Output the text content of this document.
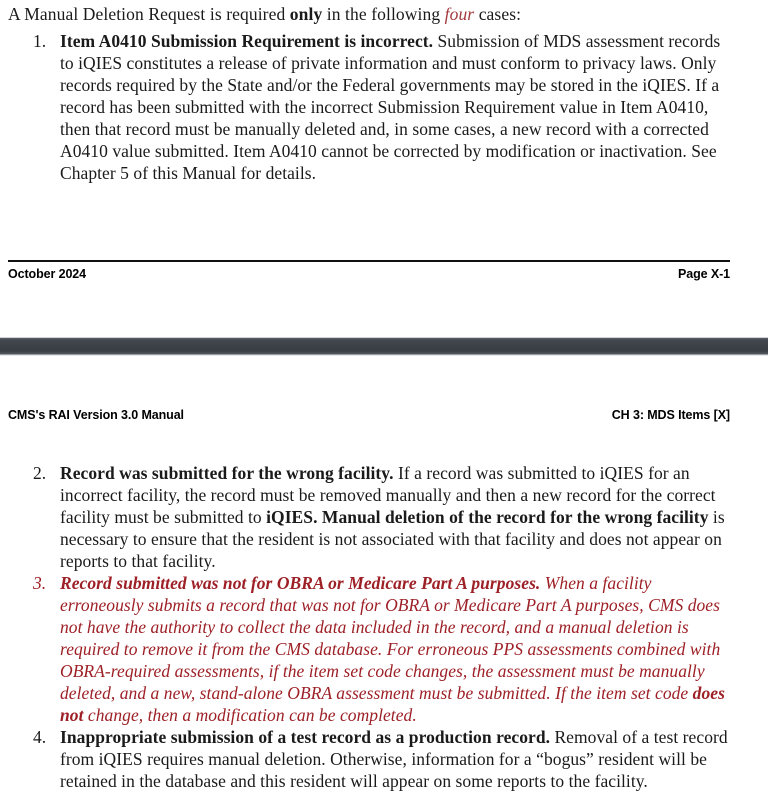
A Manual Deletion Request is required only in the following four cases:
1. Item A0410 Submission Requirement is incorrect. Submission of MDS assessment records to iQIES constitutes a release of private information and must conform to privacy laws. Only records required by the State and/or the Federal governments may be stored in the iQIES. If a record has been submitted with the incorrect Submission Requirement value in Item A0410, then that record must be manually deleted and, in some cases, a new record with a corrected A0410 value submitted. Item A0410 cannot be corrected by modification or inactivation. See Chapter 5 of this Manual for details.
October 2024	Page X-1
CMS's RAI Version 3.0 Manual	CH 3: MDS Items [X]
2. Record was submitted for the wrong facility. If a record was submitted to iQIES for an incorrect facility, the record must be removed manually and then a new record for the correct facility must be submitted to iQIES. Manual deletion of the record for the wrong facility is necessary to ensure that the resident is not associated with that facility and does not appear on reports to that facility.
3. Record submitted was not for OBRA or Medicare Part A purposes. When a facility erroneously submits a record that was not for OBRA or Medicare Part A purposes, CMS does not have the authority to collect the data included in the record, and a manual deletion is required to remove it from the CMS database. For erroneous PPS assessments combined with OBRA-required assessments, if the item set code changes, the assessment must be manually deleted, and a new, stand-alone OBRA assessment must be submitted. If the item set code does not change, then a modification can be completed.
4. Inappropriate submission of a test record as a production record. Removal of a test record from iQIES requires manual deletion. Otherwise, information for a “bogus” resident will be retained in the database and this resident will appear on some reports to the facility.
